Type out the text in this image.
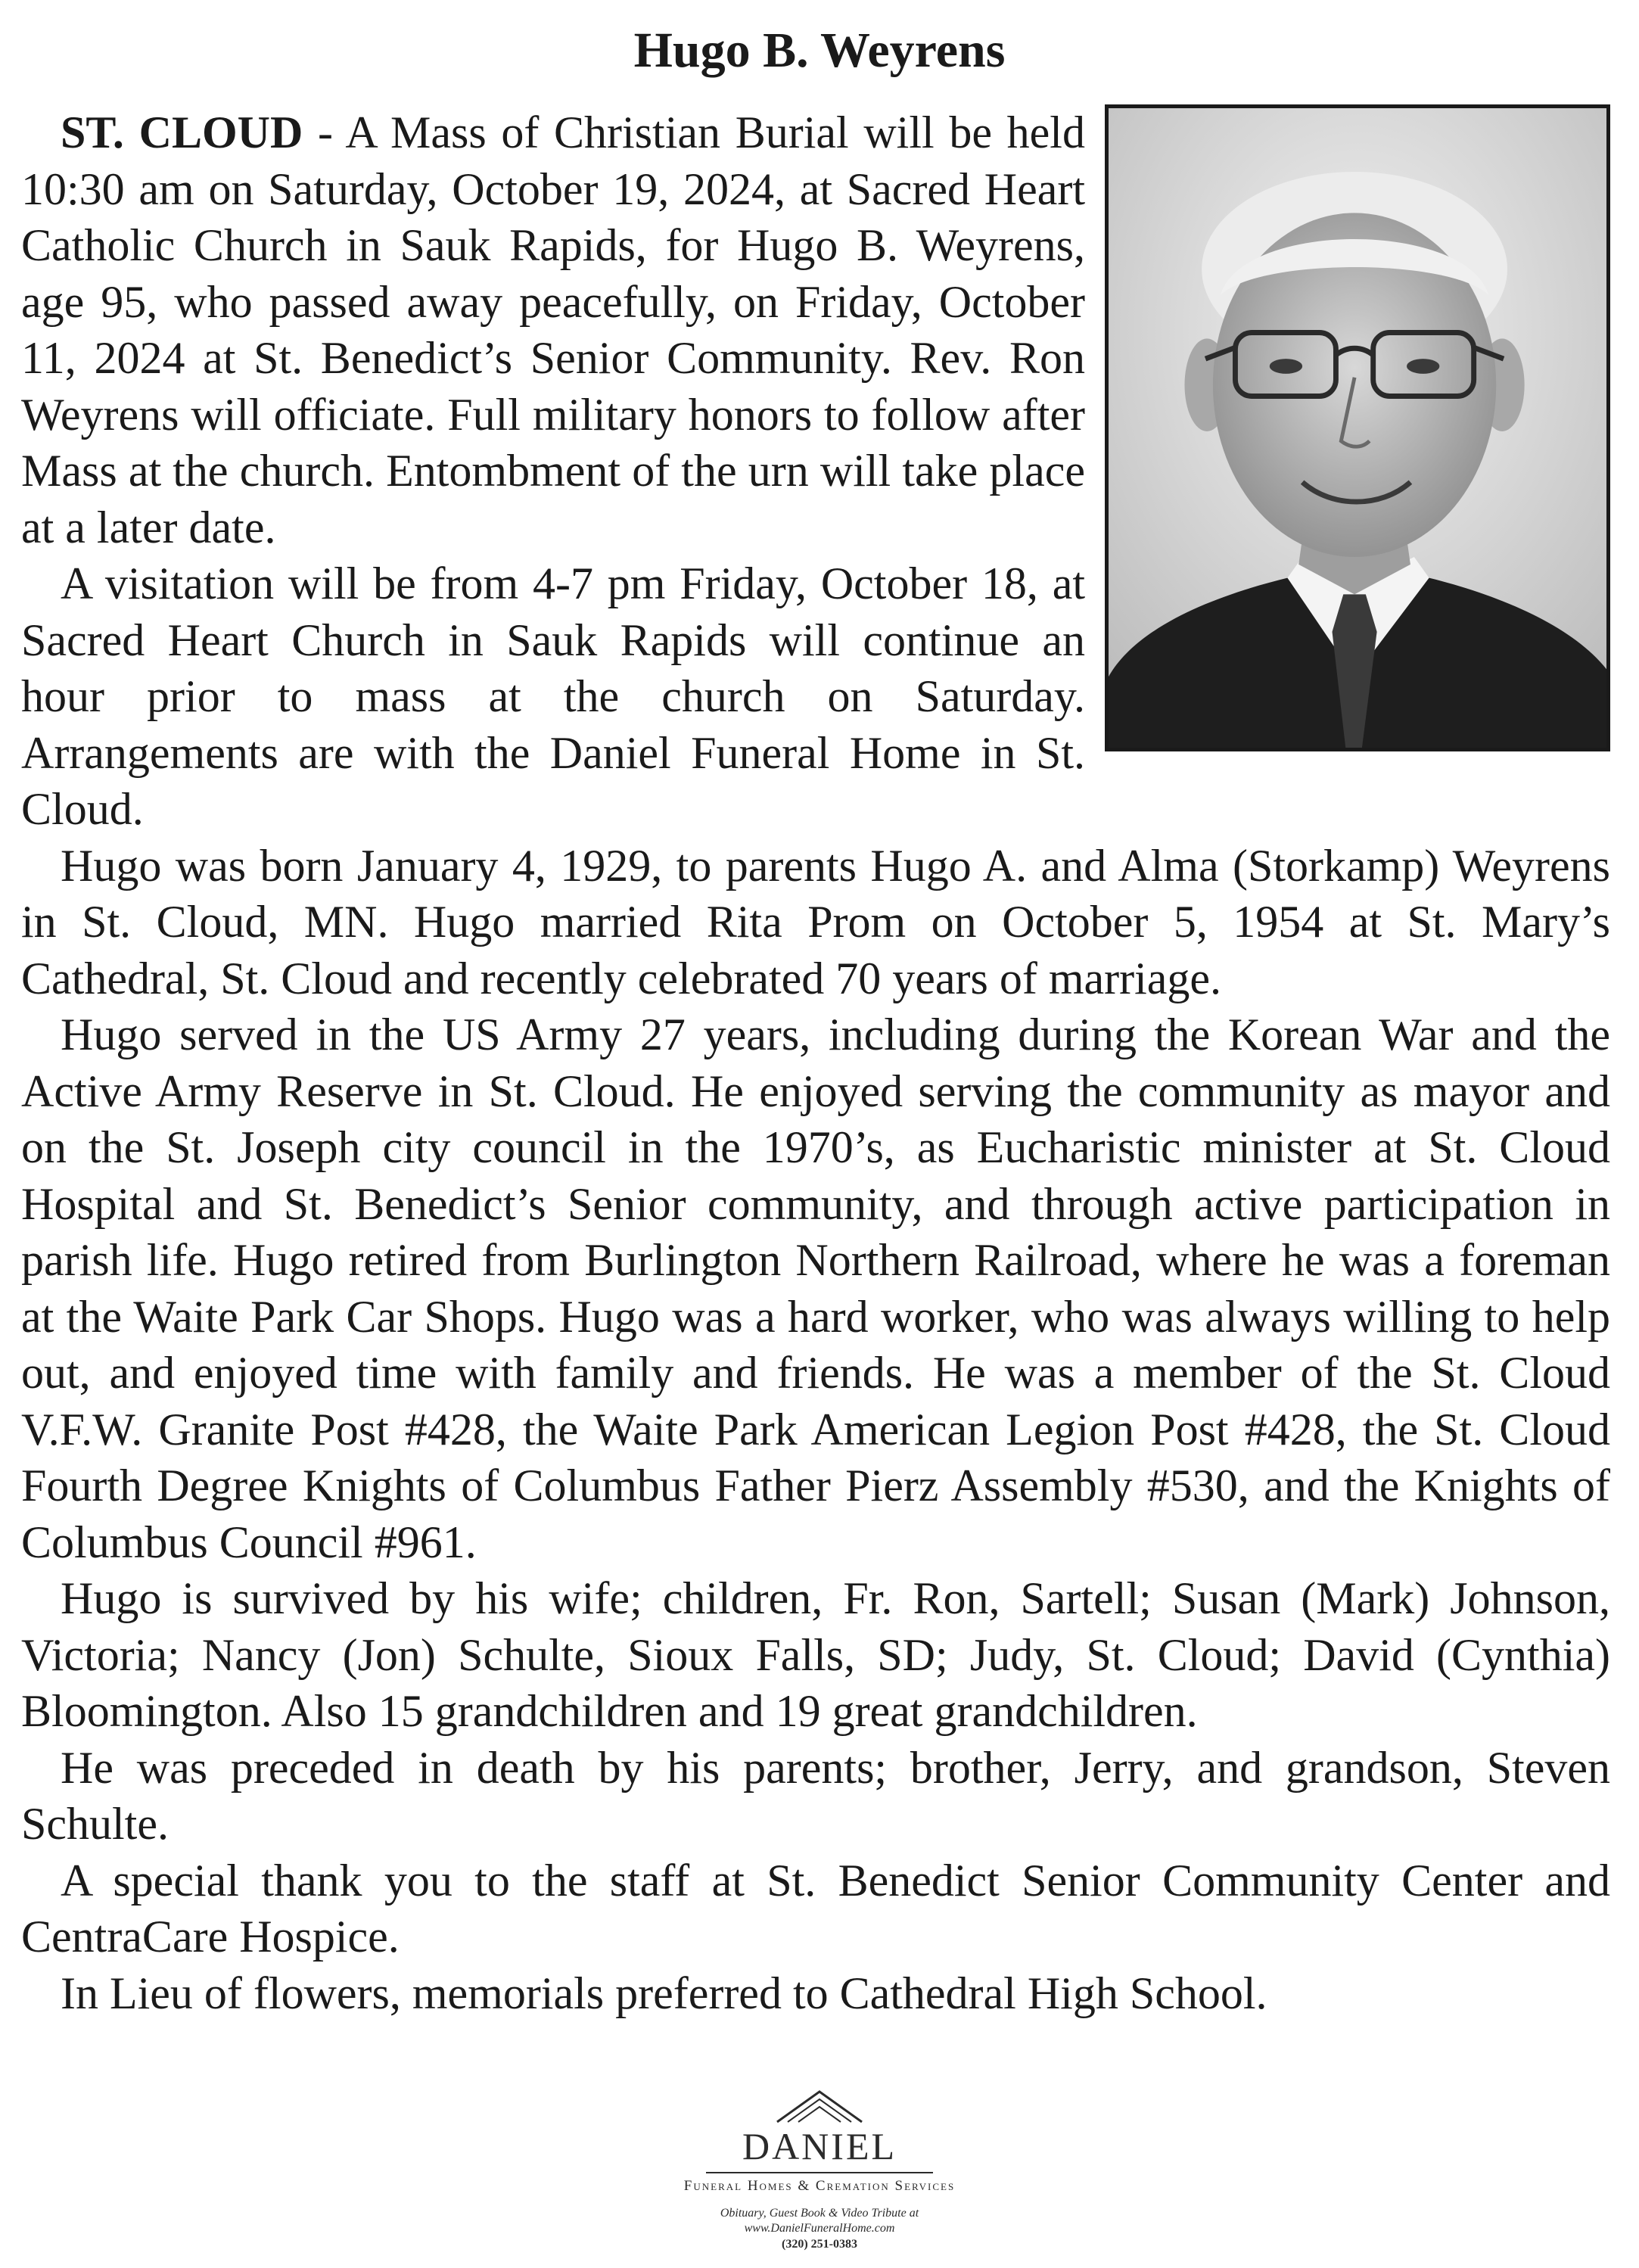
Hugo B. Weyrens

ST. CLOUD - A Mass of Christian Burial will be held 10:30 am on Saturday, October 19, 2024, at Sacred Heart Catholic Church in Sauk Rapids, for Hugo B. Weyrens, age 95, who passed away peacefully, on Friday, October 11, 2024 at St. Benedict’s Senior Community. Rev. Ron Weyrens will officiate. Full military honors to follow after Mass at the church. Entombment of the urn will take place at a later date.

A visitation will be from 4-7 pm Friday, October 18, at Sacred Heart Church in Sauk Rapids will continue an hour prior to mass at the church on Saturday. Arrangements are with the Daniel Funeral Home in St. Cloud.

Hugo was born January 4, 1929, to parents Hugo A. and Alma (Storkamp) Weyrens in St. Cloud, MN. Hugo married Rita Prom on October 5, 1954 at St. Mary’s Cathedral, St. Cloud and recently celebrated 70 years of marriage.

Hugo served in the US Army 27 years, including during the Korean War and the Active Army Reserve in St. Cloud. He enjoyed serving the community as mayor and on the St. Joseph city council in the 1970’s, as Eucharistic minister at St. Cloud Hospital and St. Benedict’s Senior community, and through active participation in parish life. Hugo retired from Burlington Northern Railroad, where he was a foreman at the Waite Park Car Shops. Hugo was a hard worker, who was always willing to help out, and enjoyed time with family and friends. He was a member of the St. Cloud V.F.W. Granite Post #428, the Waite Park American Legion Post #428, the St. Cloud Fourth Degree Knights of Columbus Father Pierz Assembly #530, and the Knights of Columbus Council #961.

Hugo is survived by his wife; children, Fr. Ron, Sartell; Susan (Mark) Johnson, Victoria; Nancy (Jon) Schulte, Sioux Falls, SD; Judy, St. Cloud; David (Cynthia) Bloomington. Also 15 grandchildren and 19 great grandchildren.

He was preceded in death by his parents; brother, Jerry, and grandson, Steven Schulte.

A special thank you to the staff at St. Benedict Senior Community Center and CentraCare Hospice.

In Lieu of flowers, memorials preferred to Cathedral High School.

DANIEL
Funeral Homes & Cremation Services
Obituary, Guest Book & Video Tribute at
www.DanielFuneralHome.com
(320) 251-0383
